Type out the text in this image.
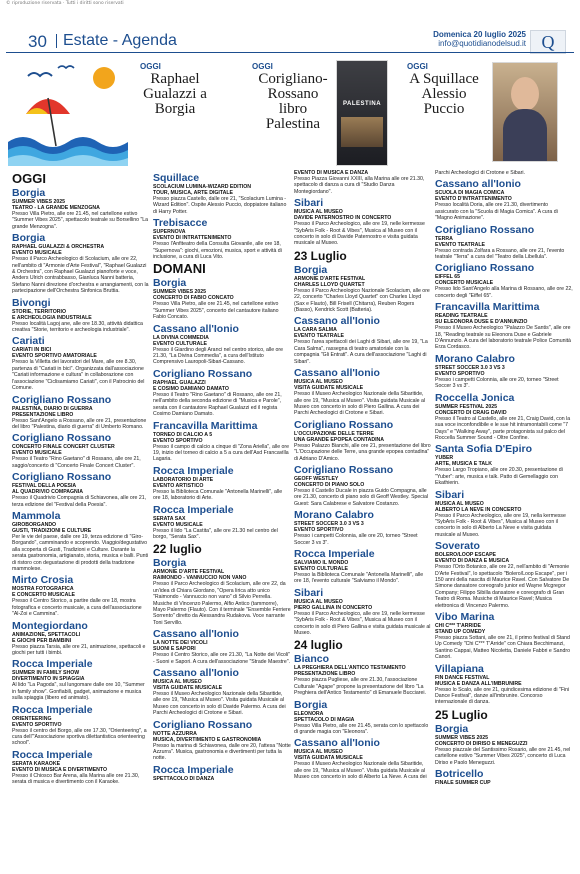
© riproduzione riservata · Tutti i diritti sono riservati
30 Estate - Agenda	Domenica 20 luglio 2025
info@quotidianodelsud.it Q
OGGI
Raphael Gualazzi a Borgia
OGGI
Corigliano-Rossano libro Palestina
PALESTINA
OGGI
A Squillace Alessio Puccio
OGGI
Borgia
SUMMER VIBES 2025
TEATRO - LA GRANDE MENZOGNA

Presso Villa Pietro, alle ore 21.45, nel cartellone estivo "Summer Vibes 2025", spettacolo teatrale su Borsellino "La grande Menzogna".

Borgia
RAPHAEL GUALAZZI & ORCHESTRA
EVENTO MUSICALE

Presso il Parco Archeologico di Scolacium, alle ore 22, nell'ambito di "Armonie d'Arte Festival", "Raphael Gualazzi & Orchestra", con Raphael Gualazzi pianoforte e voce, Anders Ulrich contrabbasso, Gianluca Nanni batteria, Stefano Nanni direzione d'orchestra e arrangiamenti, con la partecipazione dell'Orchestra Sinfonica Bruttia.

Bivongi
STORIE, TERRITORIO
E ARCHEOLOGIA INDUSTRIALE

Presso località Lagoj ane, alle ore 18.30, attività didattica creativa "Storie, territorio e archeologia industriale".

Cariati
CARIATI IN BICI
EVENTO SPORTIVO AMATORIALE

Presso la Villetta dei lavoratori del Mare, alle ore 8.30, partenza di "Cariati in bici". Organizzata dall'associazione "Cariati informazione e cultura" in collaborazione con l'associazione "Ciclisamiamo Cariati", con il Patrocinio del Comune.

Corigliano Rossano
PALESTINA, DIARIO DI GUERRA
PRESENTAZIONE LIBRO

Presso Sant'Angelo a Rossano, alle ore 21, presentazione del libro "Palestina, diario di guerra" di Umberto Romano.

Corigliano Rossano
CONCERTO FINALE CONCERT CLUSTER
EVENTO MUSICALE

Presso il Teatro "Rino Gaetano" di Rossano, alle ore 21, saggio/concerto di "Concerto Finale Concert Cluster".

Corigliano Rossano
FESTIVAL DELLA POESIA
AL QUADRIVIO COMPAGNIA

Presso il Quadrivio Compagnia di Schiavonea, alle ore 21, terza edizione del "Festival della Poesia".

Mammola
GIROBORGANDO
GUSTI, TRADIZIONI E CULTURE

Per le vie del paese, dalle ore 19, terza edizione di "Giro-Borgando", camminando e scoprendo. Viaggio/degustativo alla scoperta di Gusti, Tradizioni e Culture. Durante la serata gastronomia, artigianato, storia, musica e balli. Punti di ristoro con degustazione di prodotti della tradizione mammolese.

Mirto Crosia
MOSTRA FOTOGRAFICA
E CONCERTO MUSICALE

Presso il Centro Storico, a partire dalle ore 18, mostra fotografica e concerto musicale, a cura dell'associazione "Al-Zoi e Cammina".

Montegiordano
ANIMAZIONE, SPETTACOLI
E GIOCHI PER BAMBINI

Presso piazza Tarsia, alle ore 21, animazione, spettacoli e giochi per tutti i bimbi.

Rocca Imperiale
SUMMER IN FAMILY SHOW
DIVERTIMENTO IN SPIAGGIA

Al lido "La Pagoda", sul lungomare dalle ore 10, "Summer in family show". Gonfiabili, gadget, animazione e musica sulla spiaggia (libero ed animato).

Rocca Imperiale
ORIENTEERING
EVENTO SPORTIVO

Presso il centro del Borgo, alle ore 17.30, "Orienteering", a cura dell'"Associazione sportiva dilettantistica orienteering school".

Rocca Imperiale
SERATA KARAOKE
EVENTO DI MUSICA E DIVERTIMENTO

Presso il Chiosco Bar Arena, alla Marina alle ore 21.30, serata di musica e divertimento con il Karaoke.

Squillace
SCOLACIUM LUMINA-WIZARD EDITION
TOUR, MUSICA, ARTE DIGITALE

Presso piazza Castello, dalle ore 21, "Scolacium Lumina - Wizard Edition". Ospite Alessio Puccio, doppiatore italiano di Harry Potter.

Trebisacce
SUPERNOVA
EVENTO DI INTRATTENIMENTO

Presso l'Anfiteatro della Consulta Giovanile, alle ore 18, "Supernova": giochi, emozioni, musica, sport e attività di inclusione, a cura di Luca Vito.

DOMANI
Borgia
SUMMER VIBES 2025
CONCERTO DI FABIO CONCATO

Presso Villa Pietro, alle ore 21.45, nel cartellone estivo "Summer Vibes 2025", concerto del cantautore italiano Fabio Concato.

Cassano all'Ionio
LA DIVINA COMMEDIA
EVENTO CULTURALE

Presso il Giardino degli Aranci nel centro storico, alle ore 21.30, "La Divina Commedia", a cura dell'Istituto Comprensivo Lauropoli-Sibari-Cassano.

Corigliano Rossano
RAPHAEL GUALAZZI
E COSIMO DAMIANO DAMATO

Presso il Teatro "Rino Gaetano" di Rossano, alle ore 21, nell'ambito della seconda edizione di "Musica e Parole", serata con il cantautore Raphael Gualazzi ed il regista Cosimo Damiano Damato.

Francavilla Marittima
TORNEO DI CALCIO A 5
EVENTO SPORTIVO

Presso il campo di calcio a cinque di "Zona Ariella", alle ore 19, inizio del torneo di calcio a 5 a cura dell'Asd Francavilla Lagaria.

Rocca Imperiale
LABORATORIO DI ARTE
EVENTO ARTISTICO

Presso la Biblioteca Comunale "Antonella Marinelli", alle ore 18, laboratorio di Arte.

Rocca Imperiale
SERATA SAX
EVENTO MUSICALE

Presso il lido "La Castita", alle ore 21.30 nel centro del borgo, "Serata Sax".

22 luglio
Borgia
ARMONIE D'ARTE FESTIVAL
RAIMONDO - VANNUCCIO NON VANO

Presso il Parco Archeologico di Scolacium, alle ore 22, da un'idea di Chiara Giordano, "Opera lirica atto unico "Raimondo - Vannuccio non vano" di Silvio Perrella. Musiche di Vincenzo Palermo, Alfio Antico (tammorre), Mayo Palermo (Flauto). Con il terminale "Ensemble Ferriere Sorrento" diretto da Alessandra Rudakova. Voce narrante Toni Servillo.

Cassano all'Ionio
LA NOTTE DEI VICOLI
SUONI E SAPORI

Presso il Centro Storico, alle ore 21.30, "La Notte dei Vicoli" - Suoni e Sapori. A cura dell'associazione "Strade Maestre".

Cassano all'Ionio
MUSICA AL MUSEO
VISITA GUIDATE MUSICALE

Presso il Museo Archeologico Nazionale della Sibaritide, alle ore 19, "Musica al Museo". Visita guidata Musicale al Museo con concerto in solo di Davide Palermo. A cura dei Parchi Archeologici di Crotone e Sibari.

Corigliano Rossano
NOTTE AZZURRA
MUSICA, DIVERTIMENTO E GASTRONOMIA

Presso la marina di Schiavonea, dalle ore 20, l'attesa "Notte Azzurra". Musica, gastronomia e divertimenti per tutta la notte.

Rocca Imperiale
SPETTACOLO DI DANZA
EVENTO DI MUSICA E DANZA

Presso Piazza Giovanni XXIII, alla Marina alle ore 21.30, spettacolo di danza a cura di "Studio Danza Montegiordano".

Sibari
MUSICA AL MUSEO
DAVIDE PATERNOSTRO IN CONCERTO

Presso il Parco Archeologico, alle ore 19, nelle kermesse "SybAris Folk - Root & Vibes", Musica al Museo con il concerto in solo di Davide Paternostro e visita guidata musicale al Museo.

23 Luglio
Borgia
ARMONIE D'ARTE FESTIVAL
CHARLES LLOYD QUARTET

Presso il Parco Archeologico Nazionale Scolacium, alle ore 22, concerto "Charles Lloyd Quartet" con Charles Lloyd (Sax e Flauto), Bill Frisell (Chitarra), Reuben Rogers (Basso), Kendrick Scott (Batteria).

Cassano all'Ionio
LA CARA SALMA
EVENTO TEATRALE

Presso l'area spettacoli dei Laghi di Sibari, alle ore 19, "La Cara Salma", rassegna di teatro amatoriale con la compagnia "Gli Entrati". A cura dell'associazione "Laghi di Sibari".

Cassano all'Ionio
MUSICA AL MUSEO
VISITA GUIDATE MUSICALE

Presso il Museo Archeologico Nazionale della Sibaritide, alle ore 19, "Musica al Museo". Visita guidata Musicale al Museo con concerto in solo di Piero Gallina. A cura dei Parchi Archeologici di Crotone e Sibari.

Corigliano Rossano
L'OCCUPAZIONE DELLE TERRE
UNA GRANDE EPOPEA CONTADINA

Presso Palazzo Bianchi, alle ore 21, presentazione del libro "L'Occupazione delle Terre, una grande epopea contadina" di Adriano D'Amico.

Corigliano Rossano
GEOFF WESTLEY
CONCERTO DI PIANO SOLO

Presso il Castello Ducale in piazza Guido Compagna, alle ore 21.30, concerto di piano solo di Geoff Westley. Special Guest: Sara Calabrese e Salvatore Costanzo.

Morano Calabro
STREET SOCCER 3.0 3 VS 3
EVENTO SPORTIVO

Presso i campetti Colonnia, alle ore 20, torneo "Street Soccer 3 vs 3".

Rocca Imperiale
SALVIAMO IL MONDO
EVENTO CULTURALE

Presso la Biblioteca Comunale "Antonella Marinelli", alle ore 18, l'evento culturale "Salviamo il Mondo".

Sibari
MUSICA AL MUSEO
PIERO GALLINA IN CONCERTO

Presso il Parco Archeologico, alle ore 19, nelle kermesse "SybAris Folk - Root & Vibes", Musica al Museo con il concerto in solo di Piero Gallina e visita guidata musicale al Museo.

24 luglio
Bianco
LA PREGHIERA DELL'ANTICO TESTAMENTO
PRESENTAZIONE LIBRO

Presso piazza Pugliese, alle ore 21.30, l'associazione Culturale "Agape" propone la presentazione del libro "La Preghiera dell'Antico Testamento" di Emanuele Bucciarei.

Borgia
ELEONORA
SPETTACOLO DI MAGIA

Presso Villa Pietro, alle ore 21.45, serata con lo spettacolo di grande magia con "Eleonora".

Cassano all'Ionio
MUSICA AL MUSEO
VISITA GUIDATA MUSICALE

Presso il Museo Archeologico Nazionale della Sibaritide, alle ore 19, "Musica al Museo". Visita guidata Musicale al Museo con concerto in solo di Alberto La Neve. A cura dei

Parchi Archeologici di Crotone e Sibari.

Cassano all'Ionio
SCUOLA DI MAGIA COMICA
EVENTO D'INTRATTENIMENTO

Presso località Doria, alle ore 21.30, divertimento assicurato con la "Scuola di Magia Comica". A cura di "Magno Animazione".

Corigliano Rossano
TERRA
EVENTO TEATRALE

Presso contrada Zolfara a Rossano, alle ore 21, l'evento teatrale "Terra" a cura del "Teatro della Libellula".

Corigliano Rossano
EIFFEL 65
CONCERTO MUSICALE

Presso lido Sant'Angelo alla Marina di Rossano, alle ore 22, concerto degli "Eiffel 65".

Francavilla Marittima
READING TEATRALE
SU ELEONORA DUSE E D'ANNUNZIO

Presso il Museo Archeologico "Palazzo De Santis", alle ore 18, "Reading teatrale su Eleonora Duse e Gabriele D'Annunzio. A cura del laboratorio teatrale Police Comunità Erza Cordasco.

Morano Calabro
STREET SOCCER 3.0 3 VS 3
EVENTO SPORTIVO

Presso i campetti Colonnia, alle ore 20, torneo "Street Soccer 3 vs 3".

Roccella Jonica
SUMMER FESTIVAL 2025
CONCERTO DI CRAIG DAVID

Presso il Teatro al Castello, alle ore 21, Craig David, con la sua voce inconfondibile e le sue hit intramontabili come "7 Days" e "Walking Away", parte protagonista sul palco del Roccella Summer Sound - Oltre Confine.

Santa Sofia D'Epiro
YUBER
ARTE, MUSICA E TALK

Presso Largo Tropiano, alle ore 20.30, presentazione di "Yuber": arte, musica e talk. Patto di Gemellaggio con Ekathierin.

Sibari
MUSICA AL MUSEO
ALBERTO LA NEVE IN CONCERTO

Presso il Parco Archeologico, alle ore 19, nella kermesse "SybAris Folk - Root & Vibes", Musica al Museo con il concerto in solo di Alberto La Neve e visita guidata musicale al Museo.

Soverato
BOLERO/LOOP ESCAPE
EVENTO DI DANZA E MUSICA

Presso l'Orto Botanico, alle ore 22, nell'ambito di "Armonie D'Arte Festival", lo spettacolo "Bolero/Loop Escape", per i 150 anni della nascita di Maurice Ravel. Con Salvatore De Simone dansatore coreografo junior ed Wayne Mcgregor Company; Filippo Sibilla dansatore e coreografo di Gran Teatro di Roma. Musiche di Maurice Ravel; Musica elettronica di Vincenzo Palermo.

Vibo Marina
CHI C*** T'ARRIDE
STAND UP COMEDY

Presso piazza Sottani, alle ore 21, il primo festival di Stand Up Comedy "Chi C*** T'Arride" con Chiara Becchimanzi, Santino Cappai, Matteo Nicoletta, Daniele Fabbri e Sandro Canori.

Villapiana
FIN DANCE FESTIVAL
MUSICA E DANZA ALL'IMBRUNIRE

Presso lo Scalo, alle ore 21, quindicesima edizione di "Fini Dance Festival", danze all'imbrunire. Concorso internazionale di danza.

25 Luglio
Borgia
SUMMER VIBES 2025
CONCERTO DI DIRISO E MENEGUZZI

Presso piazzale del Santissimo Rosario, alle ore 21.45, nel cartellone estivo "Summer Vibes 2025", concerto di Luca Diriso e Paolo Meneguzzi.

Botricello
FINALE SUMMER CUP
